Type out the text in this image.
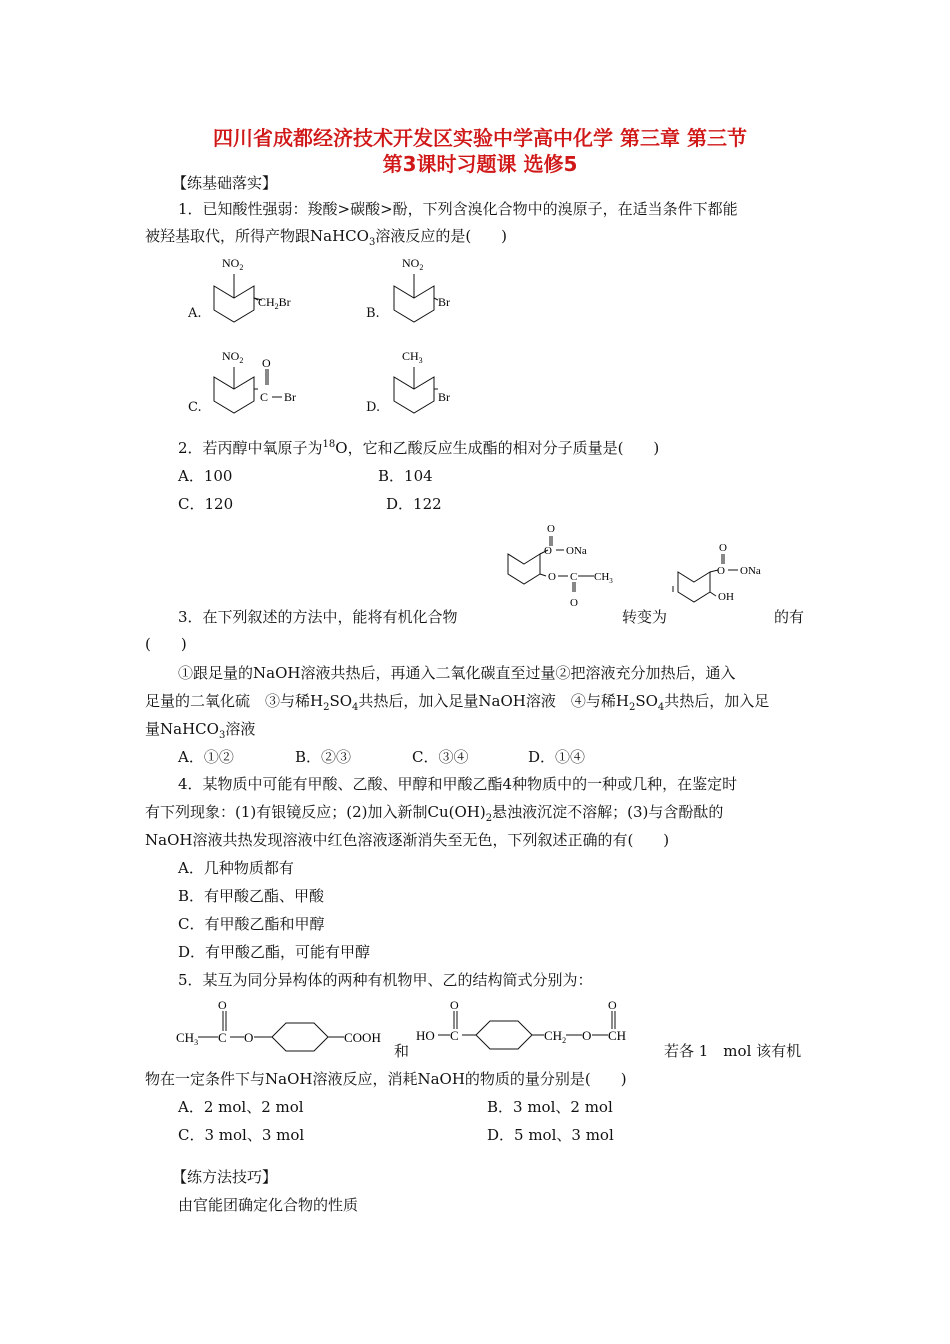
四川省成都经济技术开发区实验中学高中化学 第三章 第三节
第3课时习题课 选修5
【练基础落实】
1．已知酸性强弱：羧酸>碳酸>酚，下列含溴化合物中的溴原子，在适当条件下都能
被羟基取代，所得产物跟NaHCO$_3$溶液反应的是(　　)
A.	B.
C.	D.
$NO_2$
$CH_2Br$
$NO_2$
Br
$NO_2$ O
C Br
$CH_3$
Br
2．若丙醇中氧原子为$^{18}$O，它和乙酸反应生成酯的相对分子质量是(　　)
A．100	B．104
C．120	D．122
O
O ONa
O C $CH_3$
O
O
O ONa
OH
3．在下列叙述的方法中，能将有机化合物	转变为	的有
(　　)
①跟足量的NaOH溶液共热后，再通入二氧化碳直至过量②把溶液充分加热后，通入
足量的二氧化硫　③与稀$H_2SO_4$共热后，加入足量NaOH溶液　④与稀$H_2SO_4$共热后，加入足
量NaHCO$_3$溶液
A．①②	B．②③	C．③④	D．①④
4．某物质中可能有甲酸、乙酸、甲醇和甲酸乙酯4种物质中的一种或几种，在鉴定时
有下列现象：(1)有银镜反应；(2)加入新制$Cu(OH)_2$悬浊液沉淀不溶解；(3)与含酚酞的
NaOH溶液共热发现溶液中红色溶液逐渐消失至无色，下列叙述正确的有(　　)
A．几种物质都有
B．有甲酸乙酯、甲酸
C．有甲酸乙酯和甲醇
D．有甲酸乙酯，可能有甲醇
5．某互为同分异构体的两种有机物甲、乙的结构简式分别为：
$CH_3$
O
C O	COOH
和
HO
O
C	$CH_2$ O
O
CH
若各 1　mol 该有机
物在一定条件下与NaOH溶液反应，消耗NaOH的物质的量分别是(　　)
A．2 mol、2 mol	B．3 mol、2 mol
C．3 mol、3 mol	D．5 mol、3 mol
【练方法技巧】
由官能团确定化合物的性质
